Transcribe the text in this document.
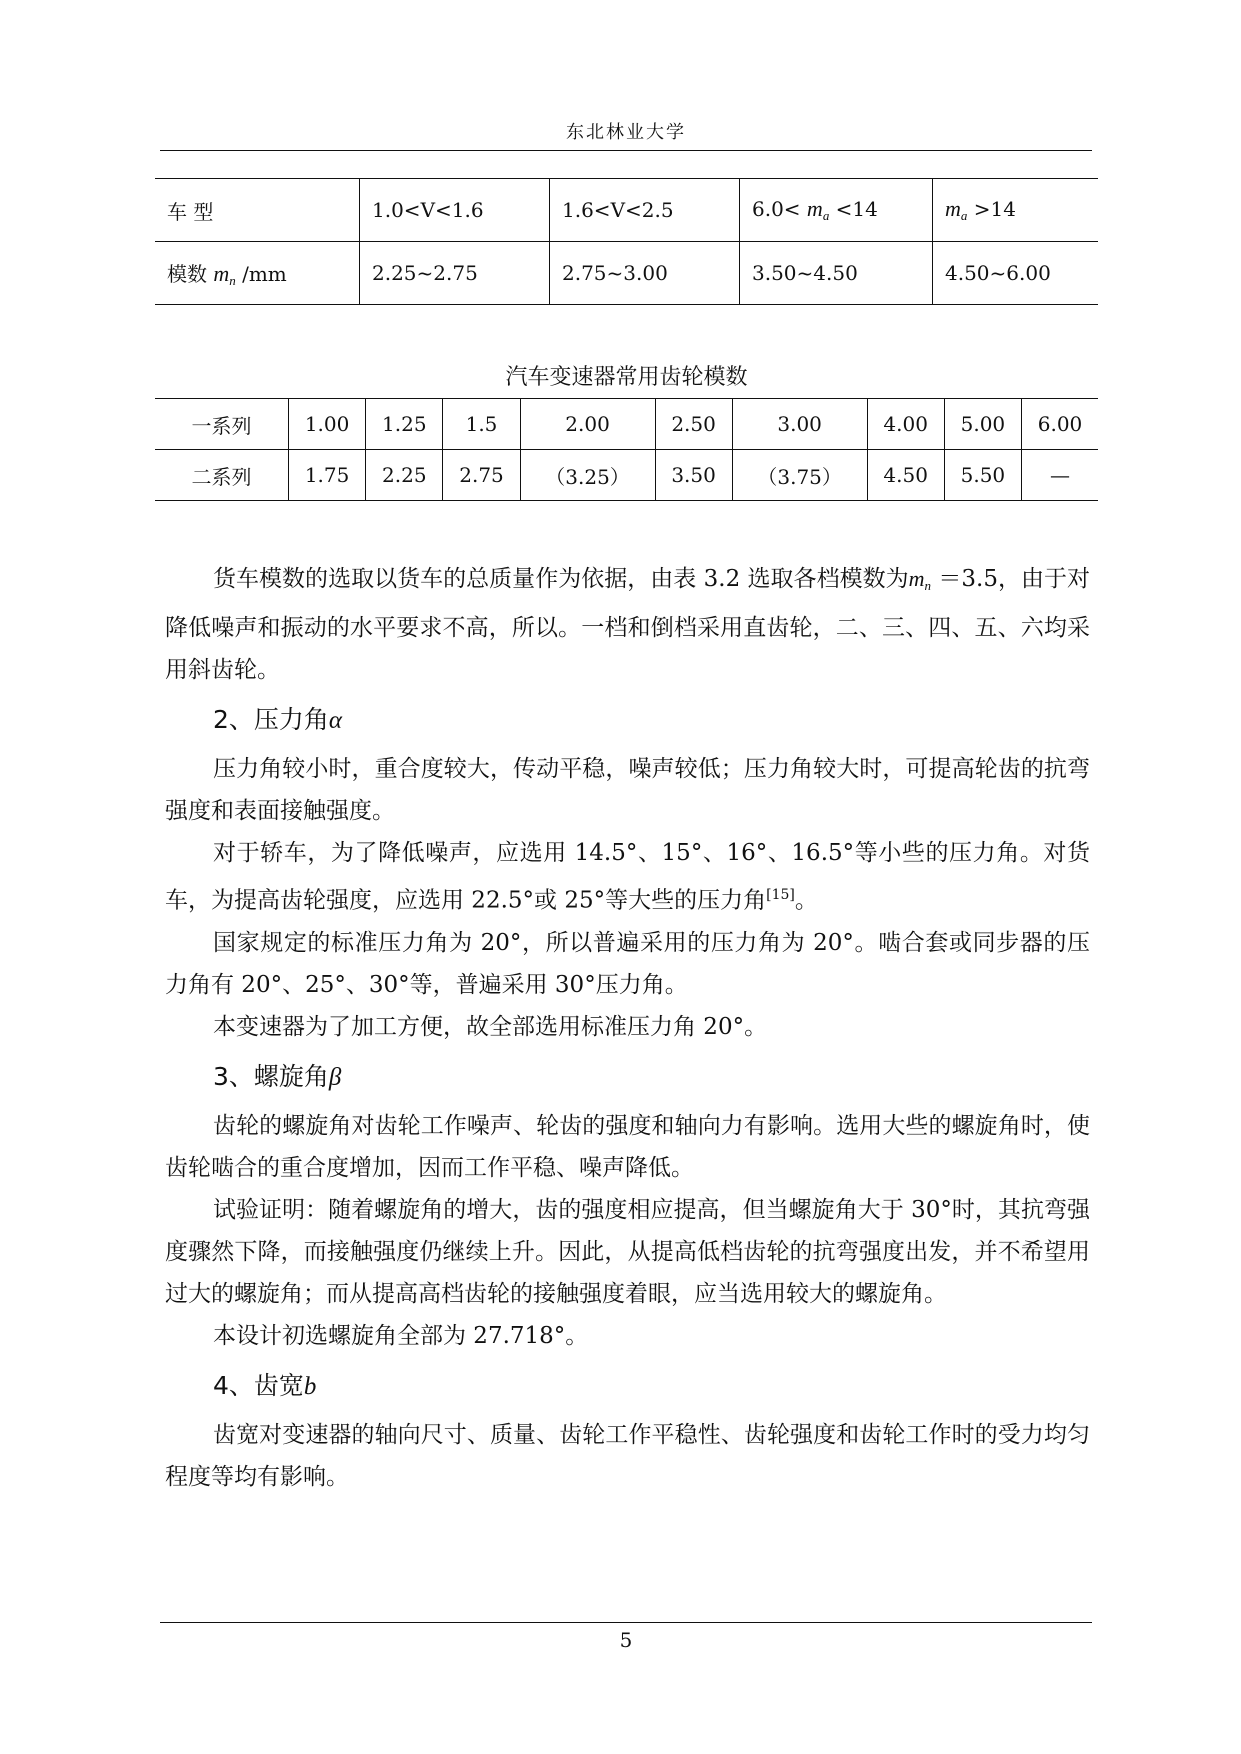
东北林业大学
车 型	1.0<V<1.6	1.6<V<2.5	$6.0< m_a <14$	$m_a >14$
模数 $m_n$ /mm	2.25~2.75	2.75~3.00	3.50~4.50	4.50~6.00
汽车变速器常用齿轮模数
一系列	1.00	1.25	1.5	2.00	2.50	3.00	4.00	5.00	6.00
二系列	1.75	2.25	2.75	（3.25）	3.50	（3.75）	4.50	5.50	—

货车模数的选取以货车的总质量作为依据，由表 3.2 选取各档模数为$m_n =3.5$，由于对降低噪声和振动的水平要求不高，所以。一档和倒档采用直齿轮，二、三、四、五、六均采用斜齿轮。

2、压力角α

压力角较小时，重合度较大，传动平稳，噪声较低；压力角较大时，可提高轮齿的抗弯强度和表面接触强度。

对于轿车，为了降低噪声，应选用 14.5°、15°、16°、16.5°等小些的压力角。对货车，为提高齿轮强度，应选用 22.5°或 25°等大些的压力角[15]。

国家规定的标准压力角为 20°，所以普遍采用的压力角为 20°。啮合套或同步器的压力角有 20°、25°、30°等，普遍采用 30°压力角。

本变速器为了加工方便，故全部选用标准压力角 20°。

3、螺旋角β

齿轮的螺旋角对齿轮工作噪声、轮齿的强度和轴向力有影响。选用大些的螺旋角时，使齿轮啮合的重合度增加，因而工作平稳、噪声降低。

试验证明：随着螺旋角的增大，齿的强度相应提高，但当螺旋角大于 30°时，其抗弯强度骤然下降，而接触强度仍继续上升。因此，从提高低档齿轮的抗弯强度出发，并不希望用过大的螺旋角；而从提高高档齿轮的接触强度着眼，应当选用较大的螺旋角。

本设计初选螺旋角全部为 27.718°。

4、齿宽b

齿宽对变速器的轴向尺寸、质量、齿轮工作平稳性、齿轮强度和齿轮工作时的受力均匀程度等均有影响。

5
